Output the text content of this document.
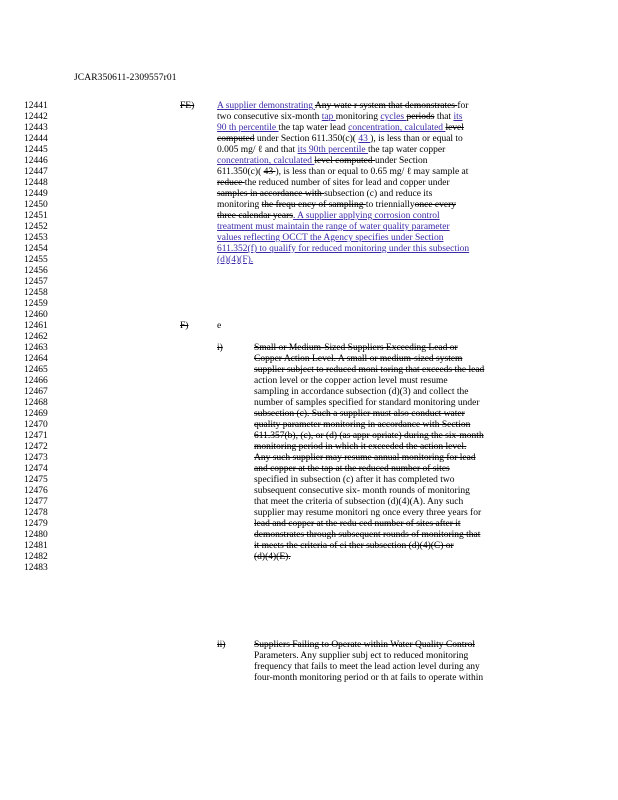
JCAR350611-2309557r01
12441
12442
12443
12444
12445
12446
12447
12448
12449
12450
12451
12452
12453
12454
12455
12456
12457
12458
12459
12460
12461
12462
12463
12464
12465
12466
12467
12468
12469
12470
12471
12472
12473
12474
12475
12476
12477
12478
12479
12480
12481
12482
12483
FE)
F)
i)
ii)
A supplier demonstrating Any wate r system that demonstrates for
two consecutive six-month tap monitoring cycles periods that its
90 th percentile the tap water lead concentration, calculated level
computed under Section 611.350(c)( 43 ), is less than or equal to
0.005 mg/ ℓ and that its 90th percentile the tap water copper
concentration, calculated level computed under Section
611.350(c)( 43 ), is less than or equal to 0.65 mg/ ℓ may sample at
reduce the reduced number of sites for lead and copper under
samples in accordance with subsection (c) and reduce its
monitoring the frequ ency of sampling to trienniallyonce every
three calendar years. A supplier applying corrosion control
treatment must maintain the range of water quality parameter
values reflecting OCCT the Agency specifies under Section
611.352(f) to qualify for reduced monitoring under this subsection
(d)(4)(F).
e
Small or Medium-Sized Suppliers Exceeding Lead or
Copper Action Level. A small or medium-sized system
supplier subject to reduced moni toring that exceeds the lead
action level or the copper action level must resume
sampling in accordance subsection (d)(3) and collect the
number of samples specified for standard monitoring under
subsection (c). Such a supplier must also conduct water
quality parameter monitoring in accordance with Section
611.357(b), (c), or (d) (as appr opriate) during the six-month
monitoring period in which it exceeded the action level.
Any such supplier may resume annual monitoring for lead
and copper at the tap at the reduced number of sites
specified in subsection (c) after it has completed two
subsequent consecutive six- month rounds of monitoring
that meet the criteria of subsection (d)(4)(A). Any such
supplier may resume monitori ng once every three years for
lead and copper at the redu ced number of sites after it
demonstrates through subsequent rounds of monitoring that
it meets the criteria of ei ther subsection (d)(4)(C) or
(d)(4)(E).
Suppliers Failing to Operate within Water Quality Control
Parameters. Any supplier subj ect to reduced monitoring
frequency that fails to meet the lead action level during any
four-month monitoring period or th at fails to operate within
